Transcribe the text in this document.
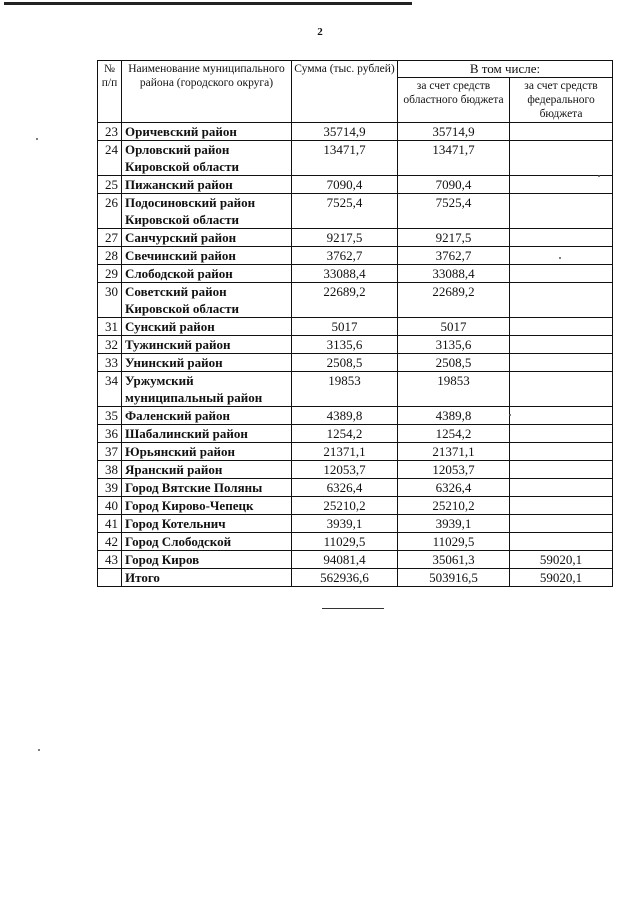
2
№ п/п	Наименование муниципального района (городского округа)	Сумма (тыс. рублей)	В том числе:	
			за счет средств областного бюджета	за счет средств федерального бюджета
23	Оричевский район	35714,9	35714,9	
24	Орловский район Кировской области	13471,7	13471,7	
25	Пижанский район	7090,4	7090,4	
26	Подосиновский район Кировской области	7525,4	7525,4	
27	Санчурский район	9217,5	9217,5	
28	Свечинский район	3762,7	3762,7	
29	Слободской район	33088,4	33088,4	
30	Советский район Кировской области	22689,2	22689,2	
31	Сунский район	5017	5017	
32	Тужинский район	3135,6	3135,6	
33	Унинский район	2508,5	2508,5	
34	Уржумский муниципальный район	19853	19853	
35	Фаленский район	4389,8	4389,8	
36	Шабалинский район	1254,2	1254,2	
37	Юрьянский район	21371,1	21371,1	
38	Яранский район	12053,7	12053,7	
39	Город Вятские Поляны	6326,4	6326,4	
40	Город Кирово-Чепецк	25210,2	25210,2	
41	Город Котельнич	3939,1	3939,1	
42	Город Слободской	11029,5	11029,5	
43	Город Киров	94081,4	35061,3	59020,1
	Итого	562936,6	503916,5	59020,1
